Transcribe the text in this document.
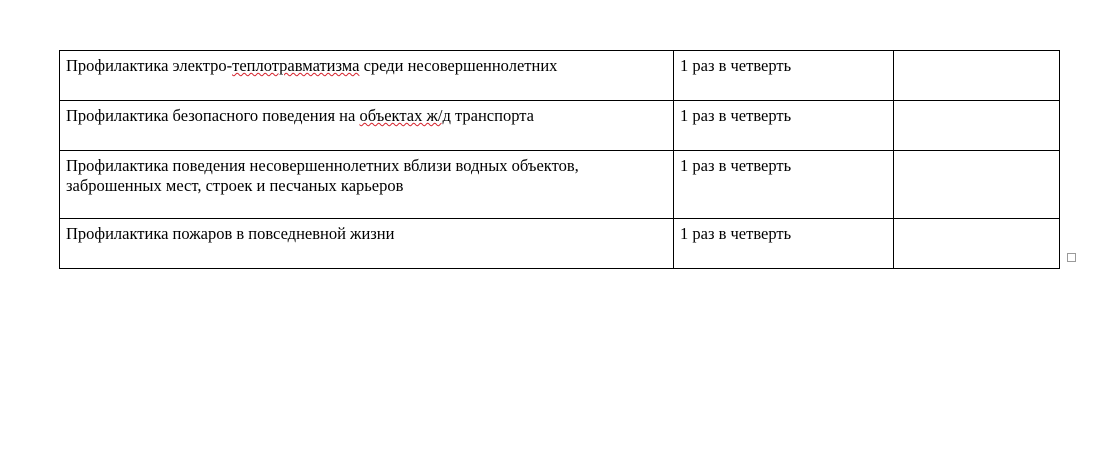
Профилактика электро-теплотравматизма среди несовершеннолетних	1 раз в четверть	

Профилактика безопасного поведения на объектах ж/д транспорта	1 раз в четверть	

Профилактика поведения несовершеннолетних вблизи водных объектов, заброшенных мест, строек и песчаных карьеров	1 раз в четверть	

Профилактика пожаров в повседневной жизни	1 раз в четверть	
